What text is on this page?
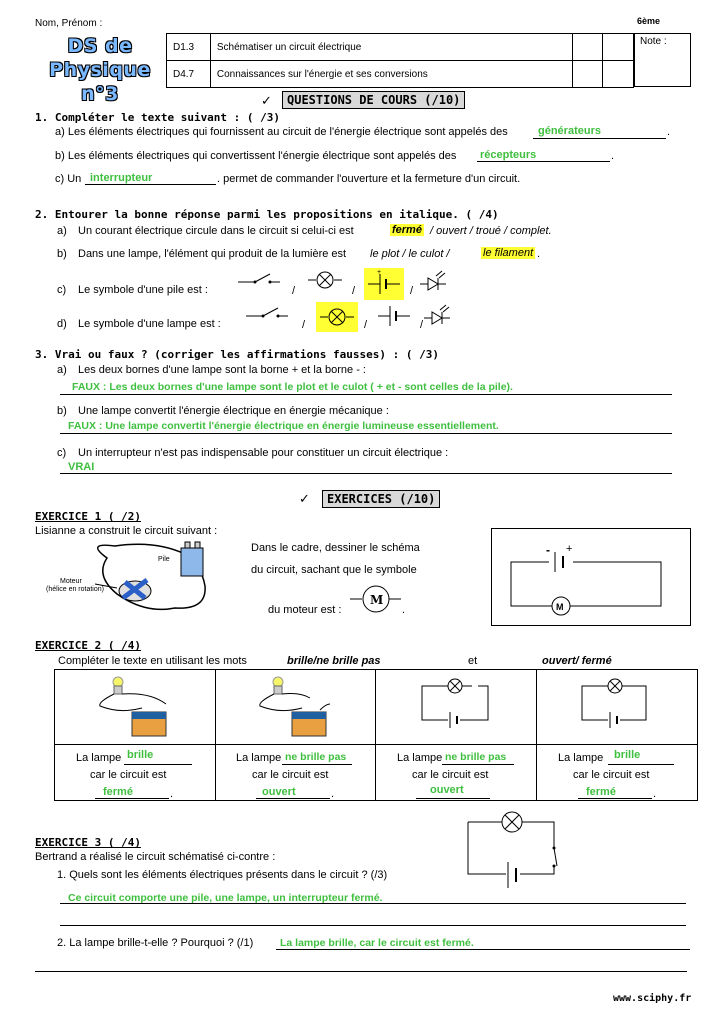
Nom, Prénom :	6ème
DS de
Physique n°3
D1.3	Schématiser un circuit électrique		
D4.7	Connaissances sur l'énergie et ses conversions		
Note :
✓	QUESTIONS DE COURS (/10)
1. Compléter le texte suivant : ( /3)
a) Les éléments électriques qui fournissent au circuit de l'énergie électrique sont appelés des	générateurs	.
b) Les éléments électriques qui convertissent l'énergie électrique sont appelés des récepteurs	.
c) Un interrupteur	. permet de commander l'ouverture et la fermeture d'un circuit.
2. Entourer la bonne réponse parmi les propositions en italique. ( /4)
a) Un courant électrique circule dans le circuit si celui-ci est	fermé / ouvert / troué / complet.
b) Dans une lampe, l'élément qui produit de la lumière est le plot / le culot /	le filament .
c) Le symbole d'une pile est :
+
/	/	/
d) Le symbole d'une lampe est :	/	/	/
3. Vrai ou faux ? (corriger les affirmations fausses) : ( /3)
a) Les deux bornes d'une lampe sont la borne + et la borne - :
FAUX : Les deux bornes d'une lampe sont le plot et le culot ( + et - sont celles de la pile).
b) Une lampe convertit l'énergie électrique en énergie mécanique :
FAUX : Une lampe convertit l'énergie électrique en énergie lumineuse essentiellement.
c) Un interrupteur n'est pas indispensable pour constituer un circuit électrique :
VRAI
✓	EXERCICES (/10)
EXERCICE 1 ( /2)
Lisianne a construit le circuit suivant :
Pile
Moteur
(hélice en rotation)
Dans le cadre, dessiner le schéma
du circuit, sachant que le symbole
du moteur est :
M
.	M
- +
EXERCICE 2 ( /4)
Compléter le texte en utilisant les mots	brille/ne brille pas	et	ouvert/ fermé
La lampe brille
car le circuit est
fermé
La lampe ne brille pas
car le circuit est
ouvert
La lampe ne brille pas
car le circuit est
ouvert
La lampe brille
car le circuit est
fermé
.	.	.
EXERCICE 3 ( /4)
Bertrand a réalisé le circuit schématisé ci-contre :
1. Quels sont les éléments électriques présents dans le circuit ? (/3)
Ce circuit comporte une pile, une lampe, un interrupteur fermé.
2. La lampe brille-t-elle ? Pourquoi ? (/1)	La lampe brille, car le circuit est fermé.
www.sciphy.fr
